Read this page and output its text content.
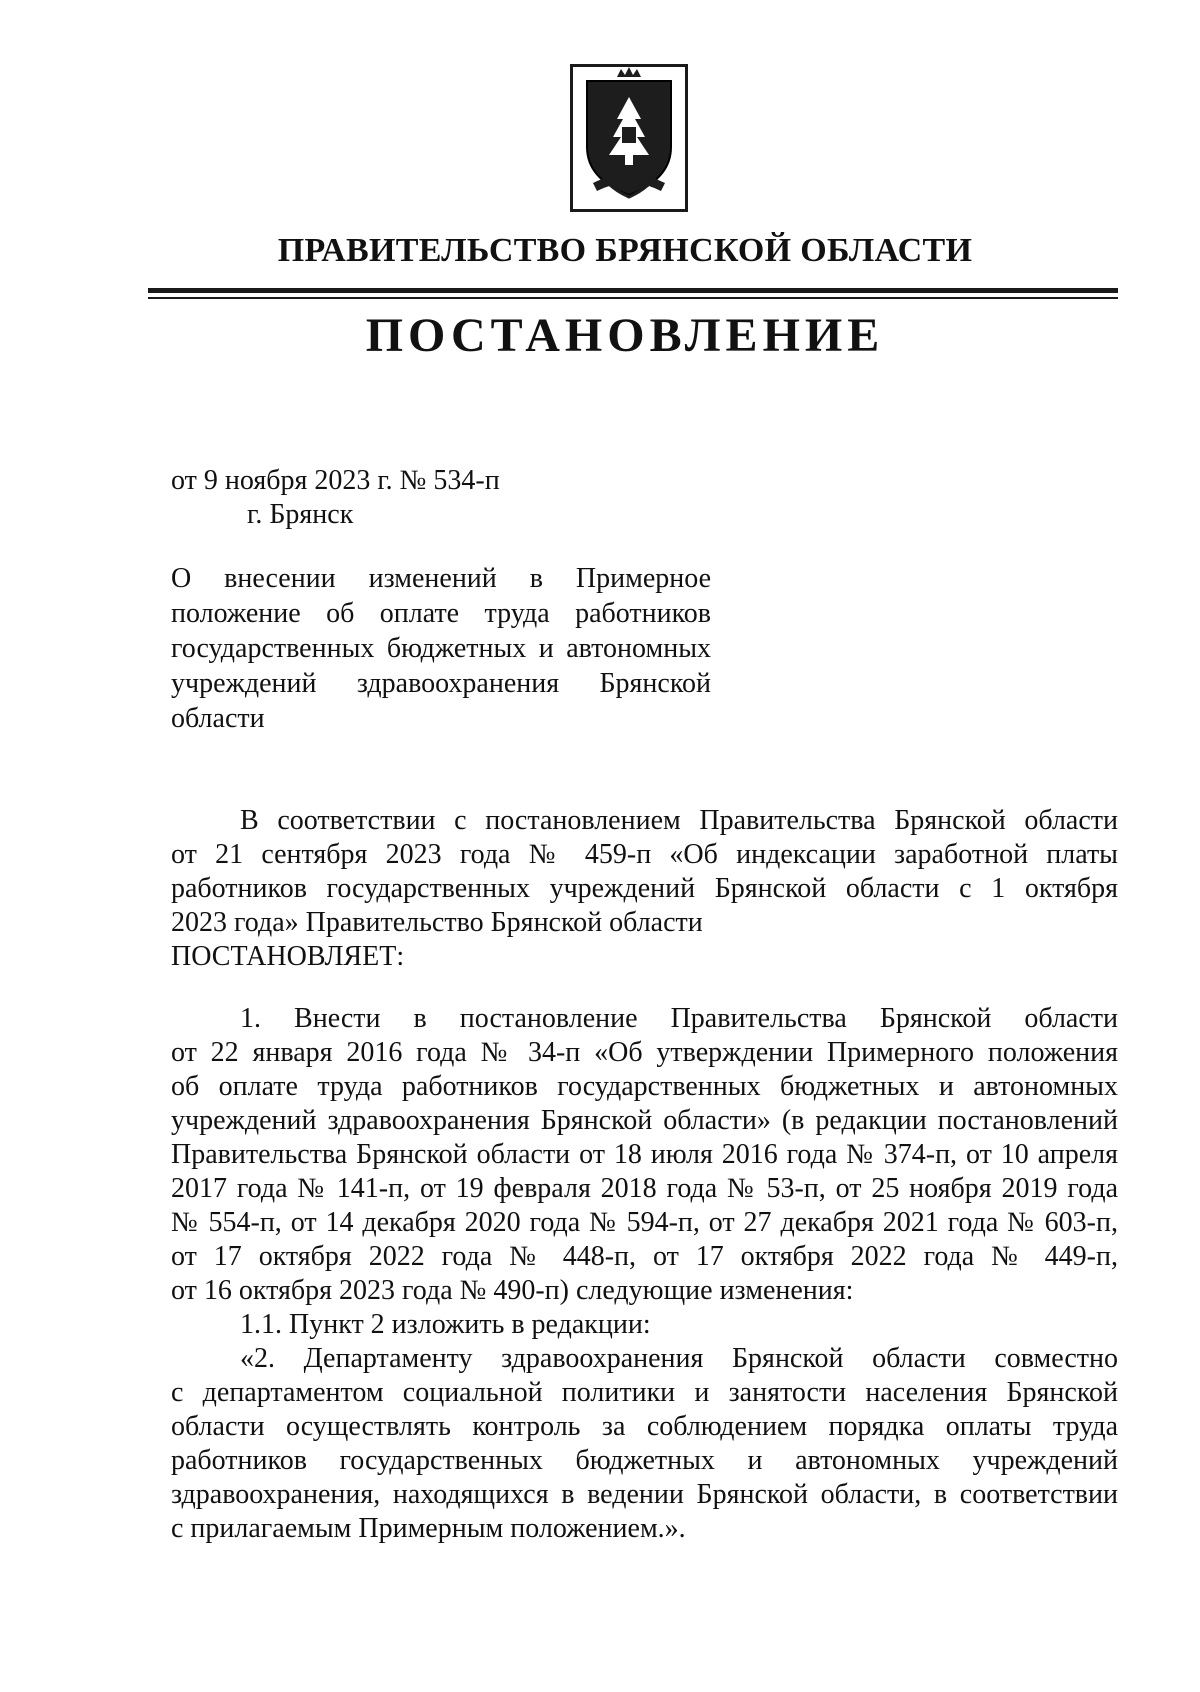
ПРАВИТЕЛЬСТВО БРЯНСКОЙ ОБЛАСТИ
ПОСТАНОВЛЕНИЕ
от 9 ноября 2023 г. № 534-п
г. Брянск
О внесении изменений в Примерное
положение об оплате труда работников
государственных бюджетных и автономных
учреждений здравоохранения Брянской
области
В соответствии с постановлением Правительства Брянской области
от 21 сентября 2023 года № 459-п «Об индексации заработной платы
работников государственных учреждений Брянской области с 1 октября
2023 года» Правительство Брянской области
ПОСТАНОВЛЯЕТ:
1. Внести в постановление Правительства Брянской области
от 22 января 2016 года № 34-п «Об утверждении Примерного положения
об оплате труда работников государственных бюджетных и автономных
учреждений здравоохранения Брянской области» (в редакции постановлений
Правительства Брянской области от 18 июля 2016 года № 374-п, от 10 апреля
2017 года № 141-п, от 19 февраля 2018 года № 53-п, от 25 ноября 2019 года
№ 554-п, от 14 декабря 2020 года № 594-п, от 27 декабря 2021 года № 603-п,
от 17 октября 2022 года № 448-п, от 17 октября 2022 года № 449-п,
от 16 октября 2023 года № 490-п) следующие изменения:
1.1. Пункт 2 изложить в редакции:
«2. Департаменту здравоохранения Брянской области совместно
с департаментом социальной политики и занятости населения Брянской
области осуществлять контроль за соблюдением порядка оплаты труда
работников государственных бюджетных и автономных учреждений
здравоохранения, находящихся в ведении Брянской области, в соответствии
с прилагаемым Примерным положением.».
